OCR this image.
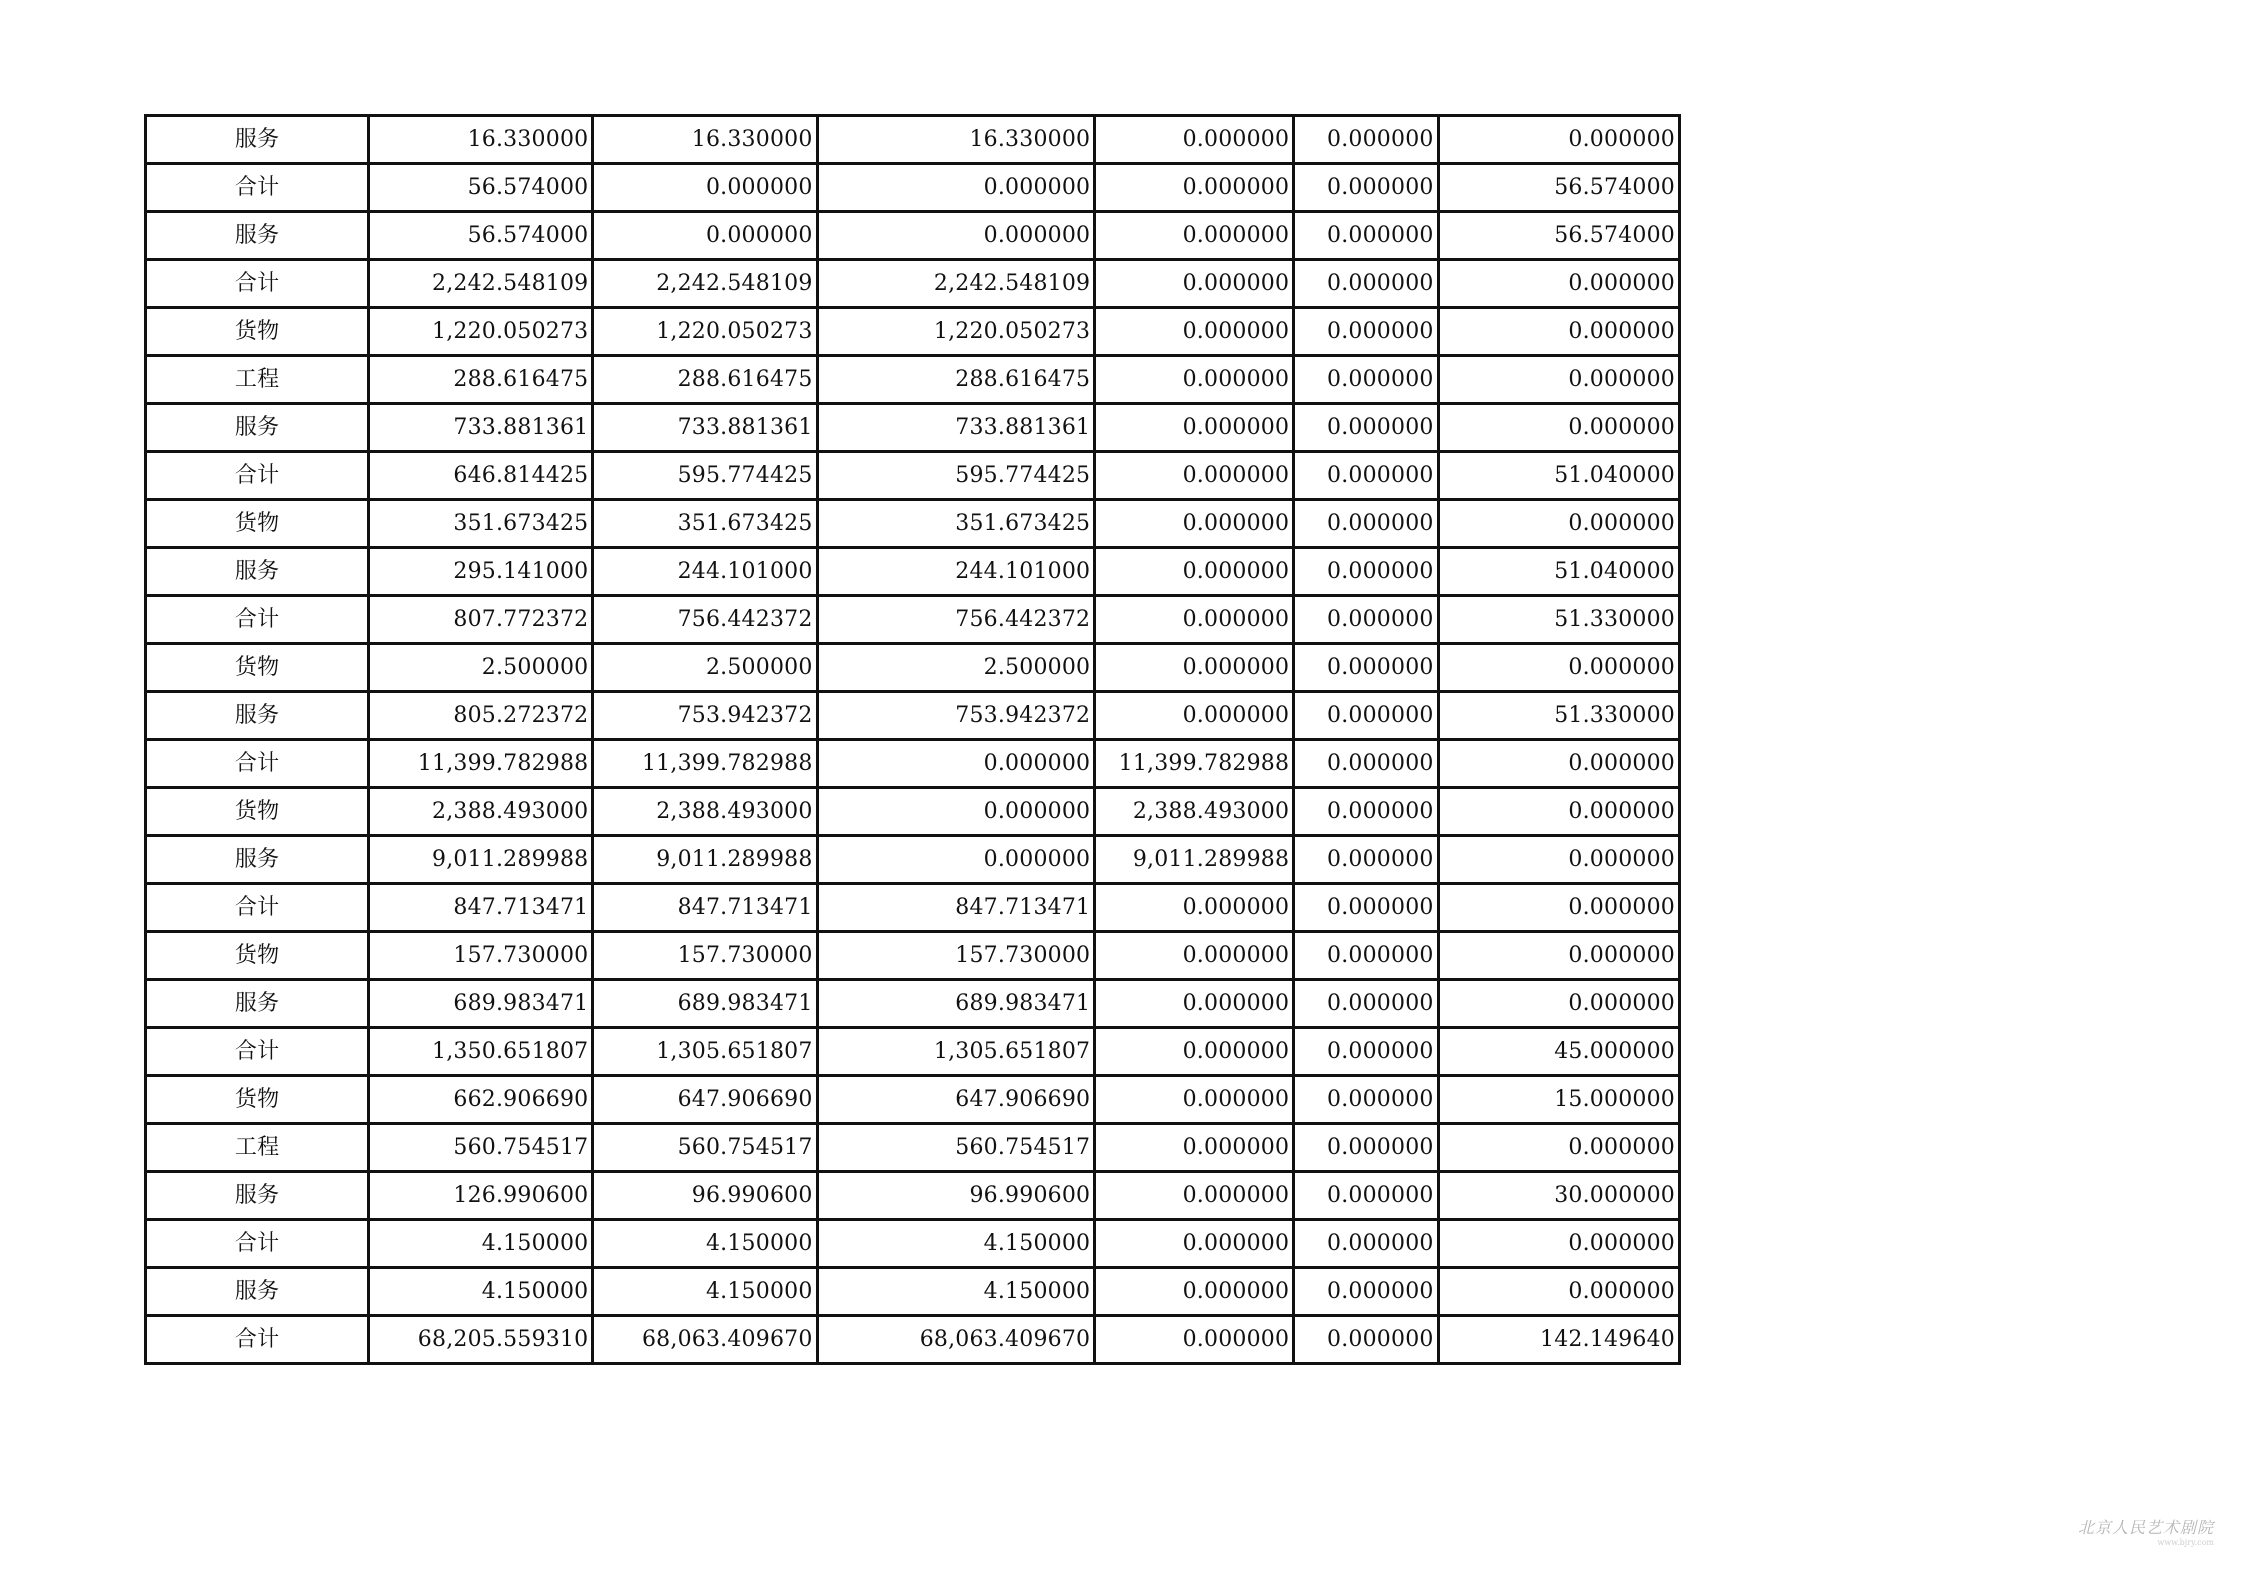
服务	16.330000	16.330000	16.330000	0.000000	0.000000	0.000000
合计	56.574000	0.000000	0.000000	0.000000	0.000000	56.574000
服务	56.574000	0.000000	0.000000	0.000000	0.000000	56.574000
合计	2,242.548109	2,242.548109	2,242.548109	0.000000	0.000000	0.000000
货物	1,220.050273	1,220.050273	1,220.050273	0.000000	0.000000	0.000000
工程	288.616475	288.616475	288.616475	0.000000	0.000000	0.000000
服务	733.881361	733.881361	733.881361	0.000000	0.000000	0.000000
合计	646.814425	595.774425	595.774425	0.000000	0.000000	51.040000
货物	351.673425	351.673425	351.673425	0.000000	0.000000	0.000000
服务	295.141000	244.101000	244.101000	0.000000	0.000000	51.040000
合计	807.772372	756.442372	756.442372	0.000000	0.000000	51.330000
货物	2.500000	2.500000	2.500000	0.000000	0.000000	0.000000
服务	805.272372	753.942372	753.942372	0.000000	0.000000	51.330000
合计	11,399.782988	11,399.782988	0.000000	11,399.782988	0.000000	0.000000
货物	2,388.493000	2,388.493000	0.000000	2,388.493000	0.000000	0.000000
服务	9,011.289988	9,011.289988	0.000000	9,011.289988	0.000000	0.000000
合计	847.713471	847.713471	847.713471	0.000000	0.000000	0.000000
货物	157.730000	157.730000	157.730000	0.000000	0.000000	0.000000
服务	689.983471	689.983471	689.983471	0.000000	0.000000	0.000000
合计	1,350.651807	1,305.651807	1,305.651807	0.000000	0.000000	45.000000
货物	662.906690	647.906690	647.906690	0.000000	0.000000	15.000000
工程	560.754517	560.754517	560.754517	0.000000	0.000000	0.000000
服务	126.990600	96.990600	96.990600	0.000000	0.000000	30.000000
合计	4.150000	4.150000	4.150000	0.000000	0.000000	0.000000
服务	4.150000	4.150000	4.150000	0.000000	0.000000	0.000000
合计	68,205.559310	68,063.409670	68,063.409670	0.000000	0.000000	142.149640
北京人民艺术剧院
www.bjry.com
